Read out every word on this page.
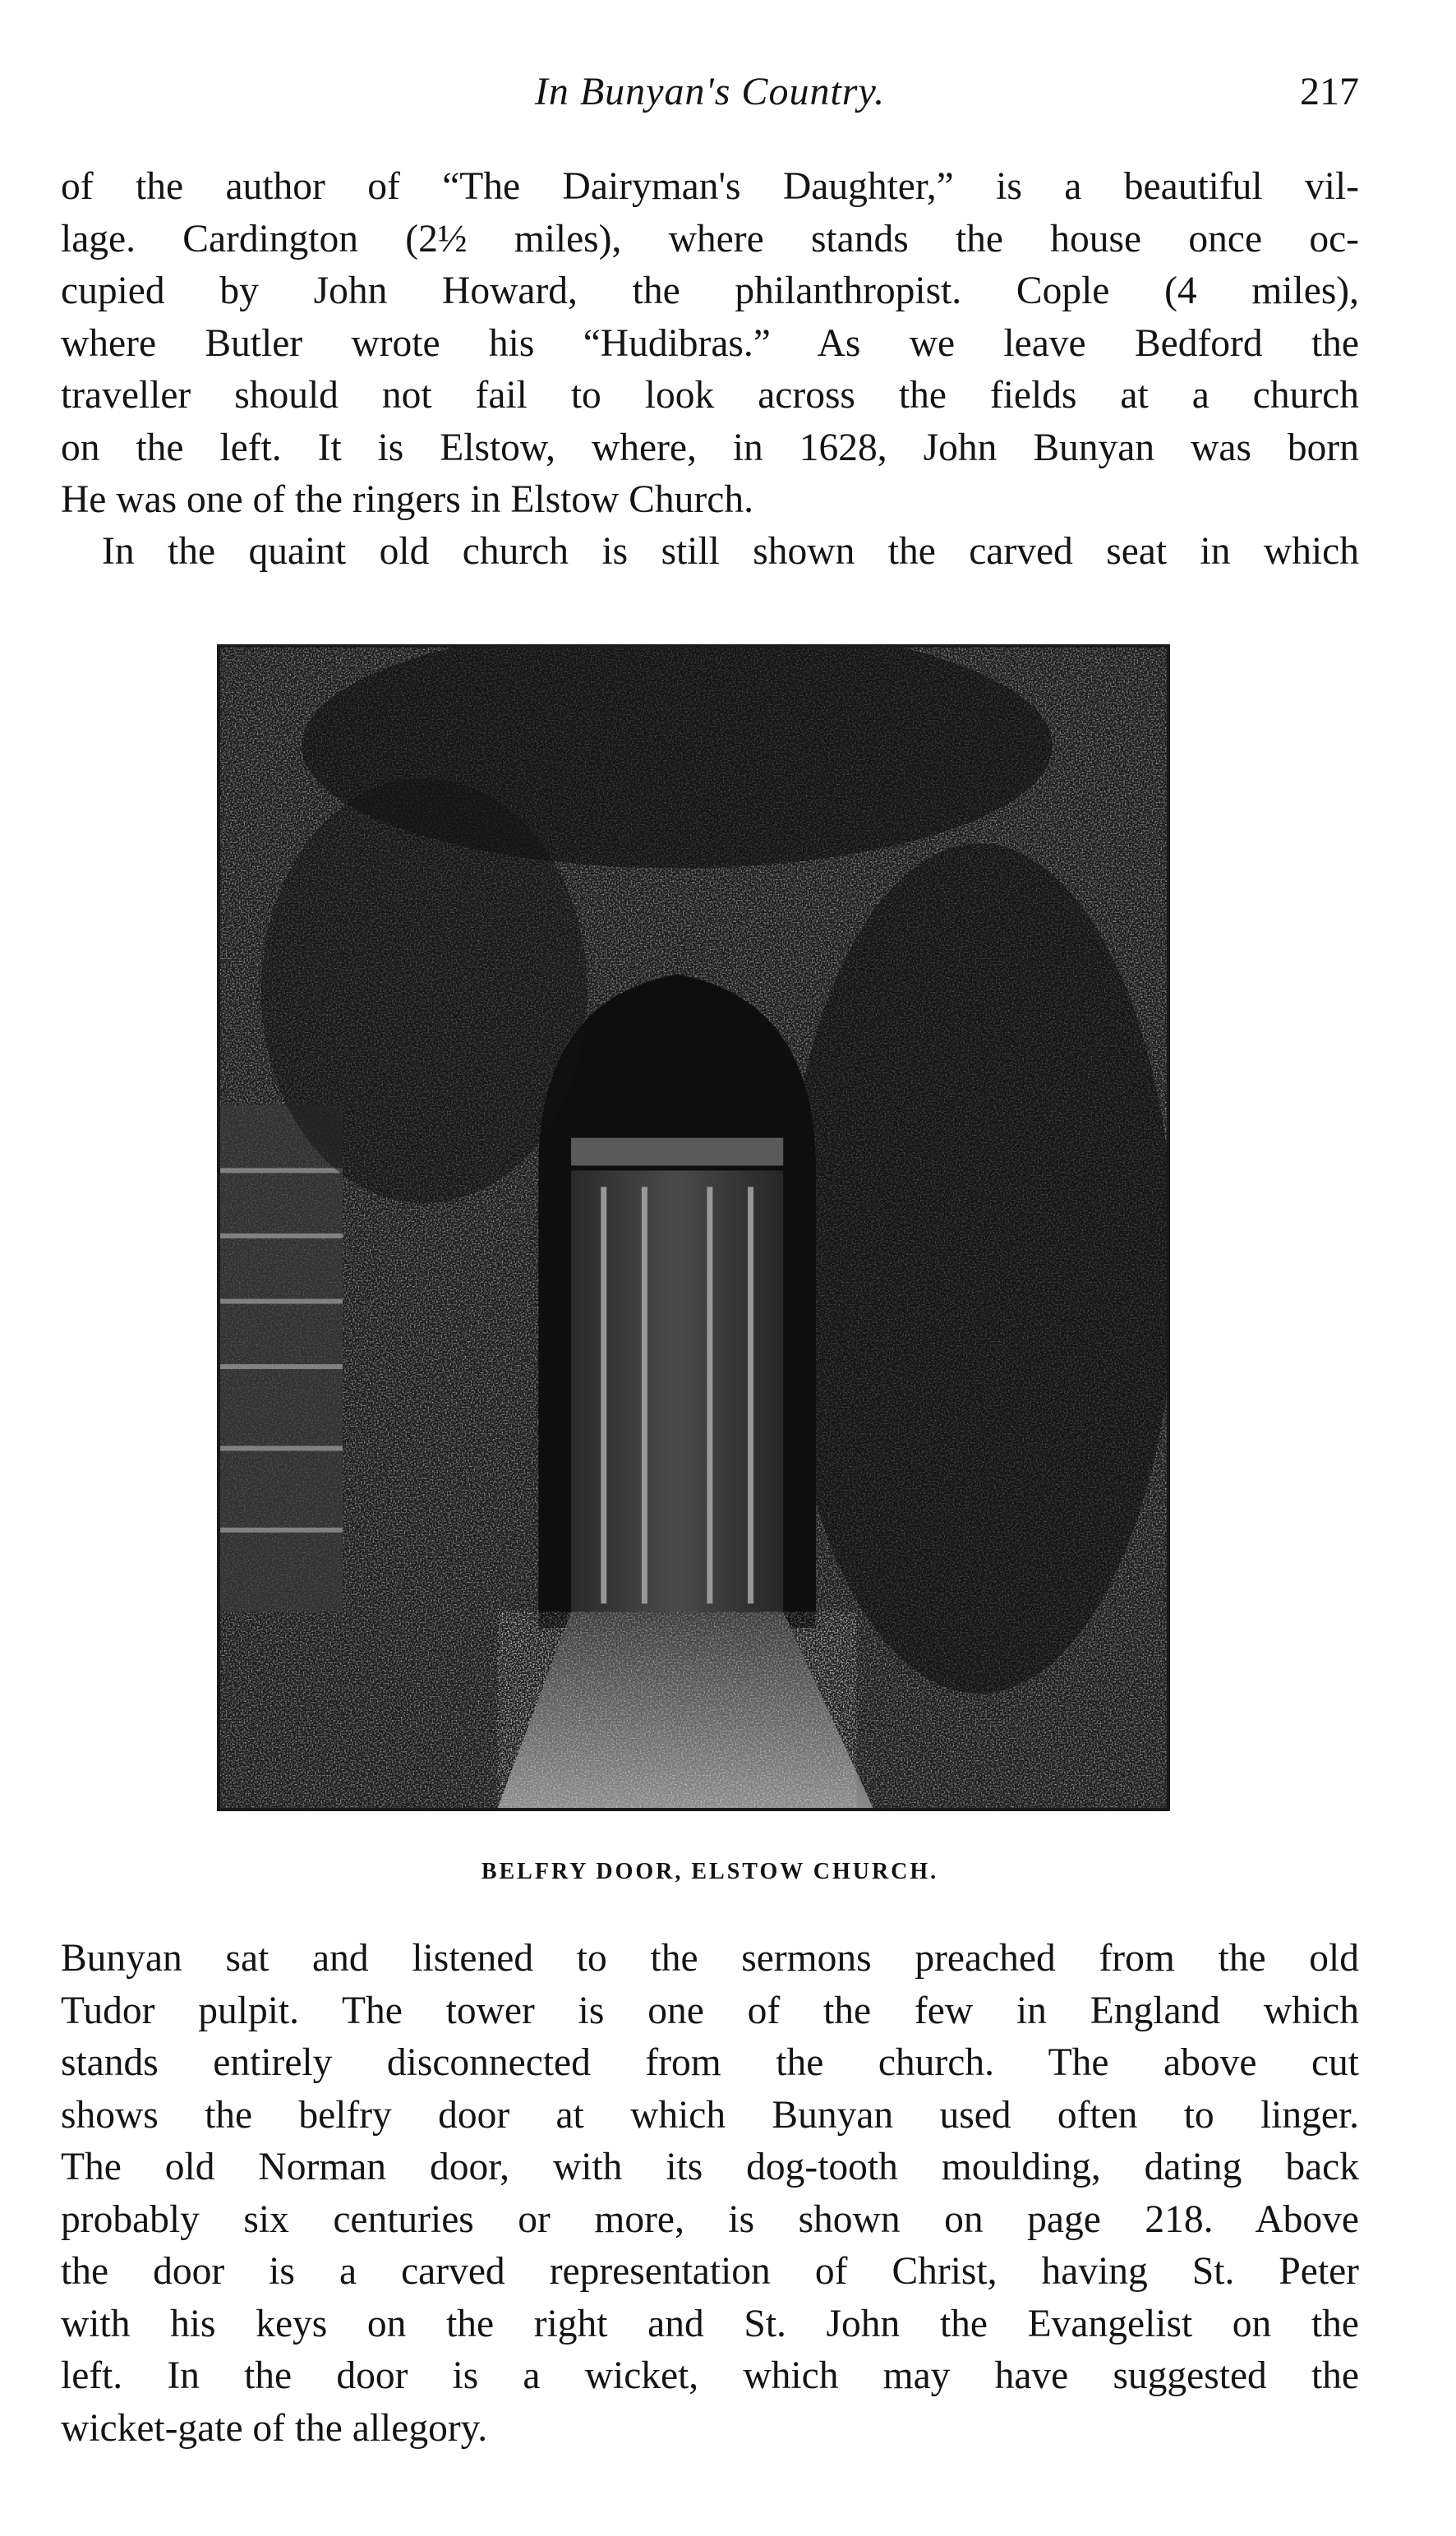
In Bunyan's Country.	217
of the author of “The Dairyman's Daughter,” is a beautiful vil-
lage. Cardington (2½ miles), where stands the house once oc-
cupied by John Howard, the philanthropist. Cople (4 miles),
where Butler wrote his “Hudibras.” As we leave Bedford the
traveller should not fail to look across the fields at a church
on the left. It is Elstow, where, in 1628, John Bunyan was born
He was one of the ringers in Elstow Church.
In the quaint old church is still shown the carved seat in which
BELFRY DOOR, ELSTOW CHURCH.
Bunyan sat and listened to the sermons preached from the old
Tudor pulpit. The tower is one of the few in England which
stands entirely disconnected from the church. The above cut
shows the belfry door at which Bunyan used often to linger.
The old Norman door, with its dog-tooth moulding, dating back
probably six centuries or more, is shown on page 218. Above
the door is a carved representation of Christ, having St. Peter
with his keys on the right and St. John the Evangelist on the
left. In the door is a wicket, which may have suggested the
wicket-gate of the allegory.
